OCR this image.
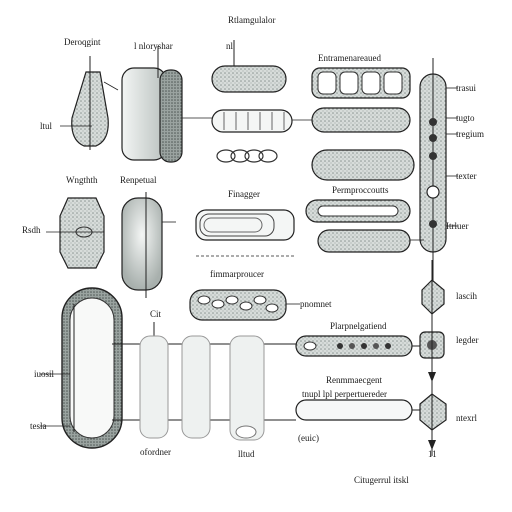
Rtlamgulalor
Deroqgint	l nloryshar	nl
Entramenareaued
trasui
tugto
tregium
ltul
Wngthth	Renpetual	texter
Finagger	Permproccoutts
Rsdh	Itrluer
fimmarproucer
lascih
pnomnet
Cit
Plarpnelgatiend
legder
iuosil
Renmmaecgent
tnupl lpl perpertuereder
ntexrl
tesla
(euic)
ofordner	lltud	11
Citugerrul itskl
